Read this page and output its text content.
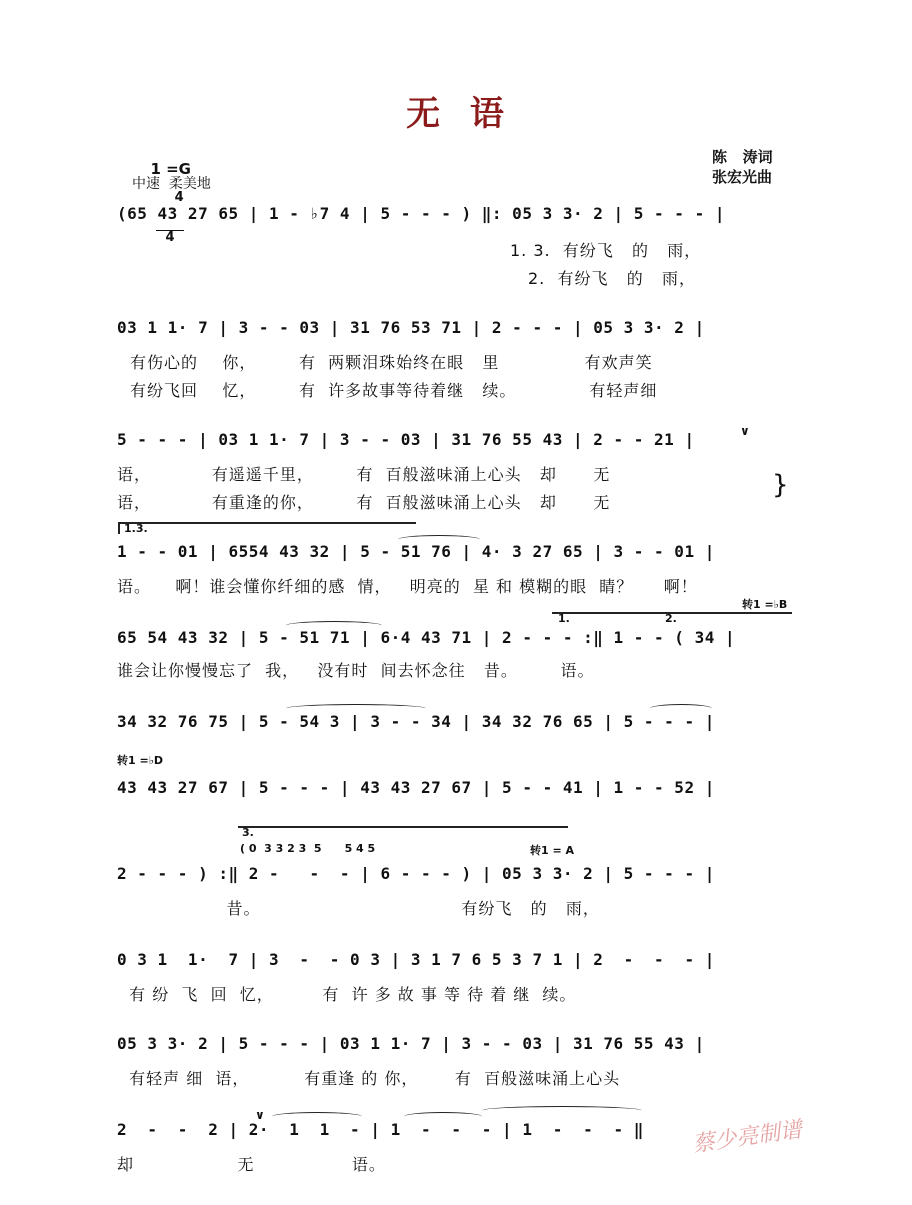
无  语

1 =G

$\frac{4}{4}$

中速  柔美地
陈   涛词
张宏光曲
(65 43 27 65 | 1 - ♭7 4 | 5 - - - ) ‖: 05 3 3· 2 | 5 - - - |
1. 3.  有纷飞   的   雨，
2.  有纷飞   的   雨，
03 1 1· 7 | 3 - - 03 | 31 76 53 71 | 2 - - - | 05 3 3· 2 |
有伤心的    你，       有  两颗泪珠始终在眼   里              有欢声笑
有纷飞回    忆，       有  许多故事等待着继   续。            有轻声细
5 - - - | 03 1 1· 7 | 3 - - 03 | 31 76 55 43 | 2 - - 21 |	∨
语，          有遥遥千里，       有  百般滋味涌上心头   却      无
语，          有重逢的你，       有  百般滋味涌上心头   却      无
}
1.3.
1 - - 01 | 6554 43 32 | 5 - 51 76 | 4· 3 27 65 | 3 - - 01 |
语。    啊！谁会懂你纤细的感  情，   明亮的  星 和 模糊的眼  睛？     啊！
1.	2.
转1 =♭B
65 54 43 32 | 5 - 51 71 | 6·4 43 71 | 2 - - - :‖ 1 - - ( 34 |
谁会让你慢慢忘了  我，   没有时  间去怀念往   昔。       语。
34 32 76 75 | 5 - 54 3 | 3 - - 34 | 34 32 76 65 | 5 - - - |
转1 =♭D
43 43 27 67 | 5 - - - | 43 43 27 67 | 5 - - 41 | 1 - - 52 |
3.
( 0  3 3 2 3  5      5 4 5	转1 = A
2 - - - ) :‖ 2 -   -  - | 6 - - - ) | 05 3 3· 2 | 5 - - - |
昔。                                 有纷飞   的   雨，
0 3 1  1·  7 | 3  -  - 0 3 | 3 1 7 6 5 3 7 1 | 2  -  -  - |
有 纷  飞  回  忆，        有  许 多 故 事 等 待 着 继  续。
05 3 3· 2 | 5 - - - | 03 1 1· 7 | 3 - - 03 | 31 76 55 43 |
有轻声 细  语，         有重逢 的 你，      有  百般滋味涌上心头
∨
2  -  -  2 | 2·  1  1  - | 1  -  -  - | 1  -  -  - ‖
却                 无                语。
蔡少亮制谱
